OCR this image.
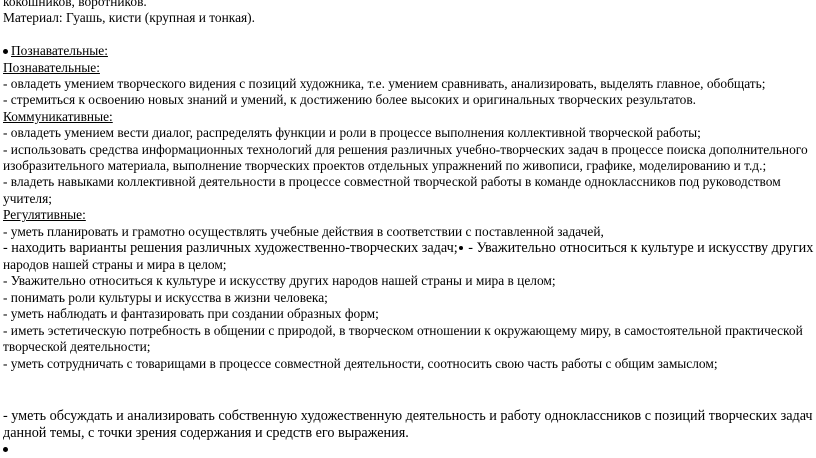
кокошников, воротников.
Материал: Гуашь, кисти (крупная и тонкая).
Познавательные:
Познавательные:
- овладеть умением творческого видения с позиций художника, т.е. умением сравнивать, анализировать, выделять главное, обобщать;
- стремиться к освоению новых знаний и умений, к достижению более высоких и оригинальных творческих результатов.
Коммуникативные:
- овладеть умением вести диалог, распределять функции и роли в процессе выполнения коллективной творческой работы;
- использовать средства информационных технологий для решения различных учебно-творческих задач в процессе поиска дополнительного изобразительного материала, выполнение творческих проектов отдельных упражнений по живописи, графике, моделированию и т.д.;
- владеть навыками коллективной деятельности в процессе совместной творческой работы в команде одноклассников под руководством учителя;
Регулятивные:
- уметь планировать и грамотно осуществлять учебные действия в соответствии с поставленной задачей,
- находить варианты решения различных художественно-творческих задач; - Уважительно относиться к культуре и искусству других
народов нашей страны и мира в целом;
- Уважительно относиться к культуре и искусству других народов нашей страны и мира в целом;
- понимать роли культуры и искусства в жизни человека;
- уметь наблюдать и фантазировать при создании образных форм;
- иметь эстетическую потребность в общении с природой, в творческом отношении к окружающему миру, в самостоятельной практической творческой деятельности;
- уметь сотрудничать с товарищами в процессе совместной деятельности, соотносить свою часть работы с общим замыслом;
- уметь обсуждать и анализировать собственную художественную деятельность и работу одноклассников с позиций творческих задач данной темы, с точки зрения содержания и средств его выражения.
